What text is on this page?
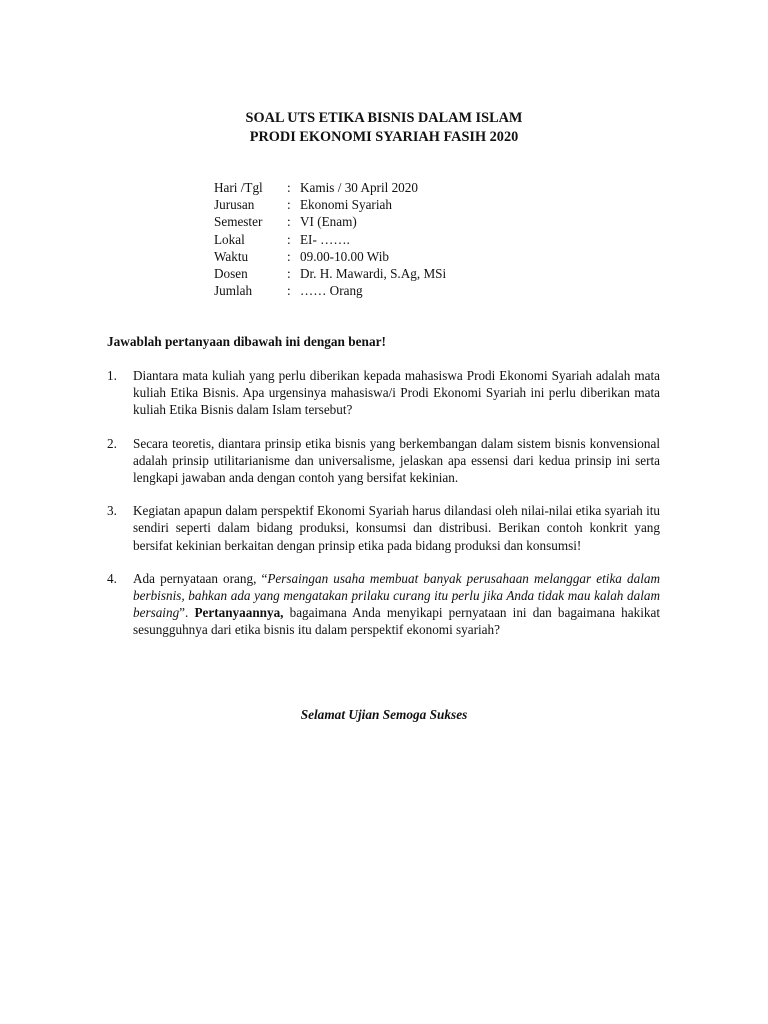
SOAL UTS ETIKA BISNIS DALAM ISLAM
PRODI EKONOMI SYARIAH FASIH 2020
Hari /Tgl	: Kamis / 30 April 2020
Jurusan	: Ekonomi Syariah
Semester	: VI (Enam)
Lokal	: EI- …….
Waktu	: 09.00-10.00 Wib
Dosen	: Dr. H. Mawardi, S.Ag, MSi
Jumlah	: …… Orang
Jawablah pertanyaan dibawah ini dengan benar!
1.	Diantara mata kuliah yang perlu diberikan kepada mahasiswa Prodi Ekonomi Syariah adalah mata kuliah Etika Bisnis. Apa urgensinya mahasiswa/i Prodi Ekonomi Syariah ini perlu diberikan mata kuliah Etika Bisnis dalam Islam tersebut?
2.	Secara teoretis, diantara prinsip etika bisnis yang berkembangan dalam sistem bisnis konvensional adalah prinsip utilitarianisme dan universalisme, jelaskan apa essensi dari kedua prinsip ini serta lengkapi jawaban anda dengan contoh yang bersifat kekinian.
3.	Kegiatan apapun dalam perspektif Ekonomi Syariah harus dilandasi oleh nilai-nilai etika syariah itu sendiri seperti dalam bidang produksi, konsumsi dan distribusi. Berikan contoh konkrit yang bersifat kekinian berkaitan dengan prinsip etika pada bidang produksi dan konsumsi!
4.	Ada pernyataan orang, “Persaingan usaha membuat banyak perusahaan melanggar etika dalam berbisnis, bahkan ada yang mengatakan prilaku curang itu perlu jika Anda tidak mau kalah dalam bersaing”. Pertanyaannya, bagaimana Anda menyikapi pernyataan ini dan bagaimana hakikat sesungguhnya dari etika bisnis itu dalam perspektif ekonomi syariah?
Selamat Ujian Semoga Sukses
